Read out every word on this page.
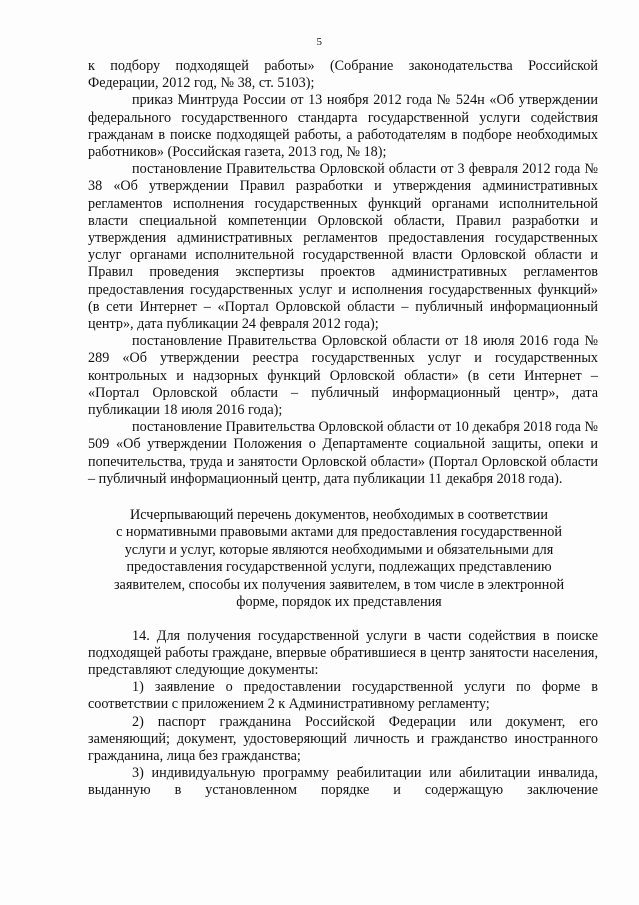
5

к подбору подходящей работы» (Собрание законодательства Российской Федерации, 2012 год, № 38, ст. 5103);

приказ Минтруда России от 13 ноября 2012 года № 524н «Об утверждении федерального государственного стандарта государственной услуги содействия гражданам в поиске подходящей работы, а работодателям в подборе необходимых работников» (Российская газета, 2013 год, № 18);

постановление Правительства Орловской области от 3 февраля 2012 года № 38 «Об утверждении Правил разработки и утверждения административных регламентов исполнения государственных функций органами исполнительной власти специальной компетенции Орловской области, Правил разработки и утверждения административных регламентов предоставления государственных услуг органами исполнительной государственной власти Орловской области и Правил проведения экспертизы проектов административных регламентов предоставления государственных услуг и исполнения государственных функций» (в сети Интернет – «Портал Орловской области – публичный информационный центр», дата публикации 24 февраля 2012 года);

постановление Правительства Орловской области от 18 июля 2016 года № 289 «Об утверждении реестра государственных услуг и государственных контрольных и надзорных функций Орловской области» (в сети Интернет – «Портал Орловской области – публичный информационный центр», дата публикации 18 июля 2016 года);

постановление Правительства Орловской области от 10 декабря 2018 года № 509 «Об утверждении Положения о Департаменте социальной защиты, опеки и попечительства, труда и занятости Орловской области» (Портал Орловской области – публичный информационный центр, дата публикации 11 декабря 2018 года).

Исчерпывающий перечень документов, необходимых в соответствии
с нормативными правовыми актами для предоставления государственной
услуги и услуг, которые являются необходимыми и обязательными для
предоставления государственной услуги, подлежащих представлению
заявителем, способы их получения заявителем, в том числе в электронной
форме, порядок их представления

14. Для получения государственной услуги в части содействия в поиске подходящей работы граждане, впервые обратившиеся в центр занятости населения, представляют следующие документы:

1) заявление о предоставлении государственной услуги по форме в соответствии с приложением 2 к Административному регламенту;

2) паспорт гражданина Российской Федерации или документ, его заменяющий; документ, удостоверяющий личность и гражданство иностранного гражданина, лица без гражданства;

3) индивидуальную программу реабилитации или абилитации инвалида, выданную в установленном порядке и содержащую заключение
